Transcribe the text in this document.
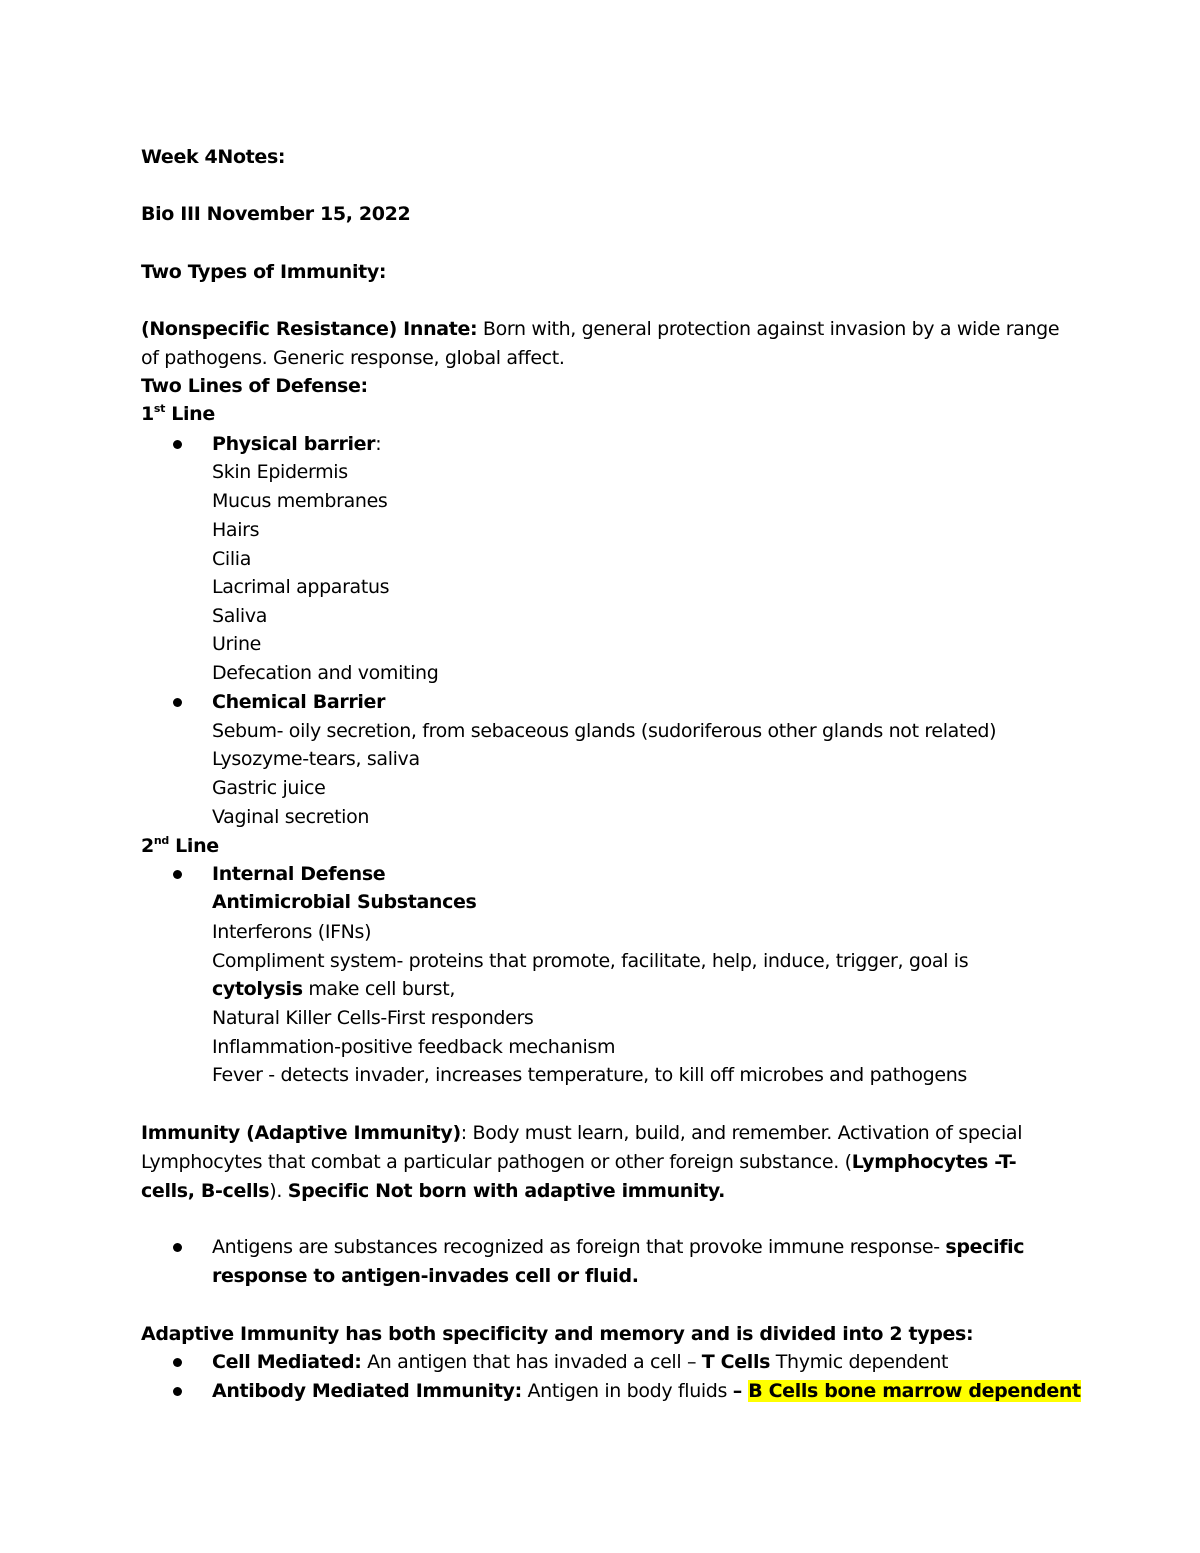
Week 4Notes:
Bio III November 15, 2022
Two Types of Immunity:
(Nonspecific Resistance) Innate: Born with, general protection against invasion by a wide range
of pathogens. Generic response, global affect.
Two Lines of Defense:
1st Line
Physical barrier:
Skin Epidermis
Mucus membranes
Hairs
Cilia
Lacrimal apparatus
Saliva
Urine
Defecation and vomiting
Chemical Barrier
Sebum- oily secretion, from sebaceous glands (sudoriferous other glands not related)
Lysozyme-tears, saliva
Gastric juice
Vaginal secretion
2nd Line
Internal Defense
Antimicrobial Substances
Interferons (IFNs)
Compliment system- proteins that promote, facilitate, help, induce, trigger, goal is
cytolysis make cell burst,
Natural Killer Cells-First responders
Inflammation-positive feedback mechanism
Fever - detects invader, increases temperature, to kill off microbes and pathogens
Immunity (Adaptive Immunity): Body must learn, build, and remember. Activation of special
Lymphocytes that combat a particular pathogen or other foreign substance. (Lymphocytes -T-
cells, B-cells). Specific Not born with adaptive immunity.
Antigens are substances recognized as foreign that provoke immune response- specific
response to antigen-invades cell or fluid.
Adaptive Immunity has both specificity and memory and is divided into 2 types:
Cell Mediated: An antigen that has invaded a cell – T Cells Thymic dependent
Antibody Mediated Immunity: Antigen in body fluids – B Cells bone marrow dependent
